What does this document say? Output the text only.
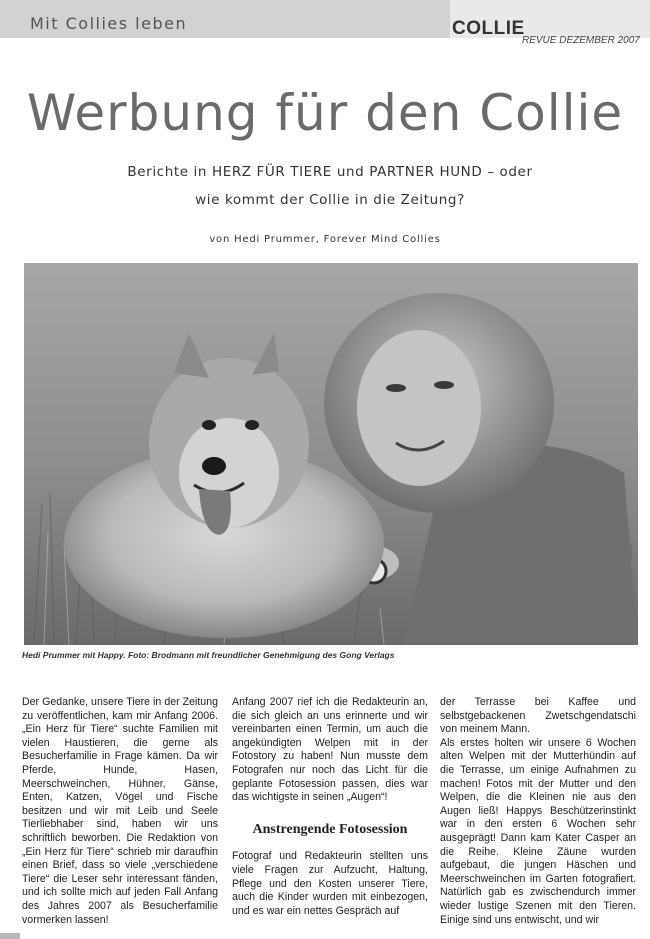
Mit Collies leben	COLLIE
REVUE DEZEMBER 2007
Werbung für den Collie
Berichte in HERZ FÜR TIERE und PARTNER HUND – oder
wie kommt der Collie in die Zeitung?
von Hedi Prummer, Forever Mind Collies
Hedi Prummer mit Happy. Foto: Brodmann mit freundlicher Genehmigung des Gong Verlags

Der Gedanke, unsere Tiere in der Zeitung zu veröffentlichen, kam mir Anfang 2006. „Ein Herz für Tiere“ suchte Familien mit vielen Haustieren, die gerne als Besucherfamilie in Frage kämen. Da wir Pferde, Hunde, Hasen, Meerschweinchen, Hühner, Gänse, Enten, Katzen, Vögel und Fische besitzen und wir mit Leib und Seele Tierliebhaber sind, haben wir uns schriftlich beworben. Die Redaktion von „Ein Herz für Tiere“ schrieb mir daraufhin einen Brief, dass so viele „verschiedene Tiere“ die Leser sehr interessant fänden, und ich sollte mich auf jeden Fall Anfang des Jahres 2007 als Besucherfamilie vormerken lassen!

Anfang 2007 rief ich die Redakteurin an, die sich gleich an uns erinnerte und wir vereinbarten einen Termin, um auch die angekündigten Welpen mit in der Fotostory zu haben! Nun musste dem Fotografen nur noch das Licht für die geplante Fotosession passen, dies war das wichtigste in seinen „Augen“!

Anstrengende Fotosession

Fotograf und Redakteurin stellten uns viele Fragen zur Aufzucht, Haltung, Pflege und den Kosten unserer Tiere, auch die Kinder wurden mit einbezogen, und es war ein nettes Gespräch auf

der Terrasse bei Kaffee und selbstgebackenen Zwetschgendatschi von meinem Mann.

Als erstes holten wir unsere 6 Wochen alten Welpen mit der Mutterhündin auf die Terrasse, um einige Aufnahmen zu machen! Fotos mit der Mutter und den Welpen, die die Kleinen nie aus den Augen ließ! Happys Beschützerinstinkt war in den ersten 6 Wochen sehr ausgeprägt! Dann kam Kater Casper an die Reihe. Kleine Zäune wurden aufgebaut, die jungen Häschen und Meerschweinchen im Garten fotografiert. Natürlich gab es zwischendurch immer wieder lustige Szenen mit den Tieren. Einige sind uns entwischt, und wir
